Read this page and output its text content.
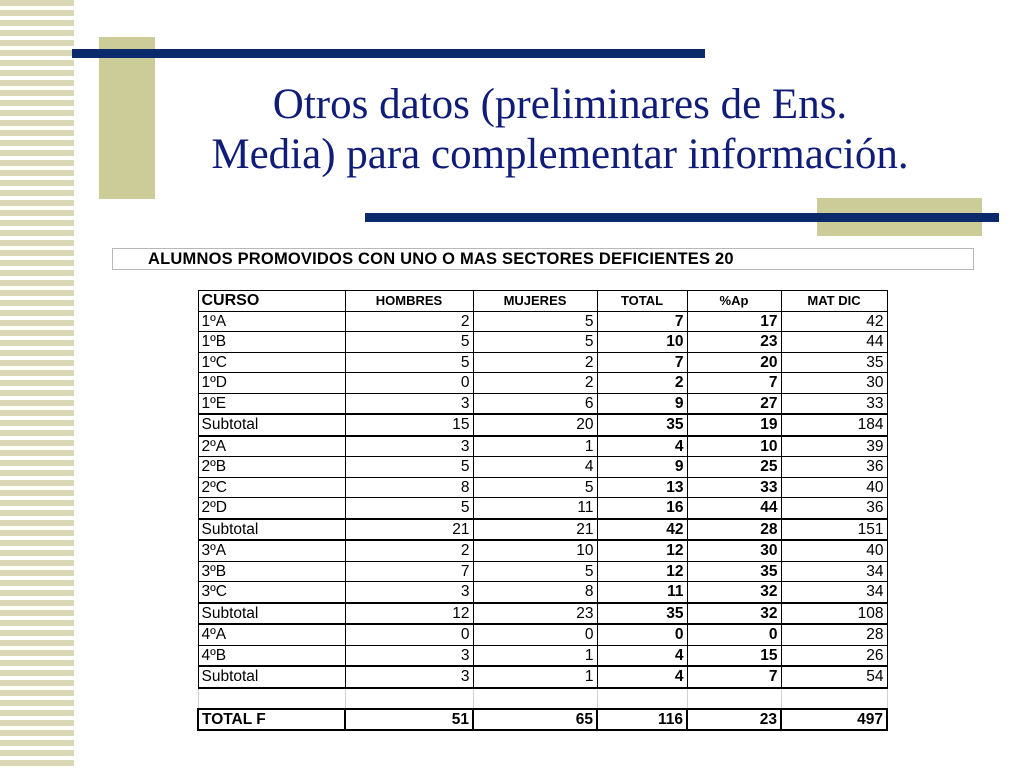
Otros datos (preliminares de Ens.
Media) para complementar información.
ALUMNOS PROMOVIDOS CON UNO O MAS SECTORES DEFICIENTES 20
CURSO	HOMBRES	MUJERES	TOTAL	%Ap	MAT DIC
1ºA	2	5	7	17	42
1ºB	5	5	10	23	44
1ºC	5	2	7	20	35
1ºD	0	2	2	7	30
1ºE	3	6	9	27	33
Subtotal	15	20	35	19	184
2ºA	3	1	4	10	39
2ºB	5	4	9	25	36
2ºC	8	5	13	33	40
2ºD	5	11	16	44	36
Subtotal	21	21	42	28	151
3ºA	2	10	12	30	40
3ºB	7	5	12	35	34
3ºC	3	8	11	32	34
Subtotal	12	23	35	32	108
4ºA	0	0	0	0	28
4ºB	3	1	4	15	26
Subtotal	3	1	4	7	54

TOTAL F	51	65	116	23	497
